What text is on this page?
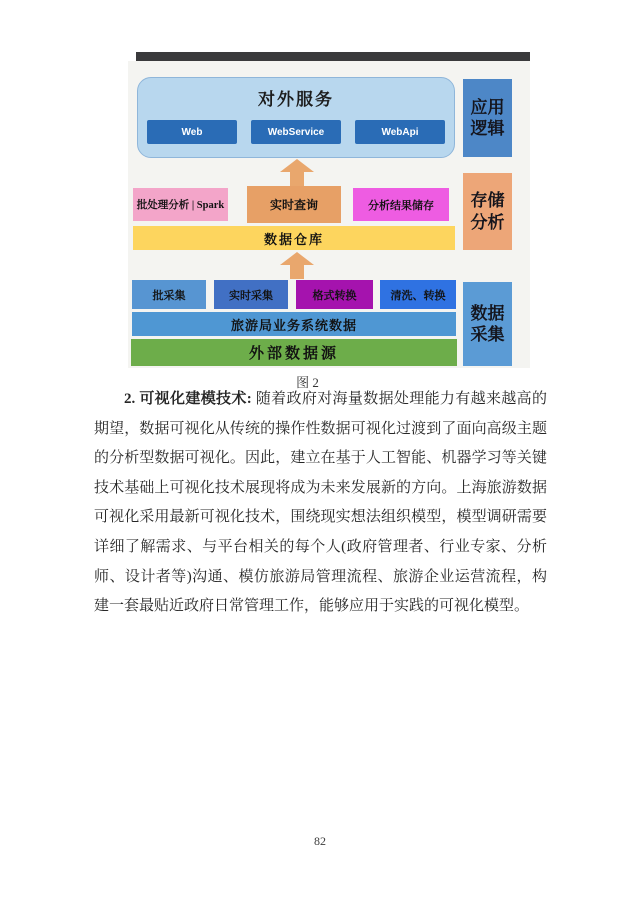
对外服务
Web	WebService	WebApi
应用逻辑
批处理分析 | Spark	实时查询	分析结果储存
数据仓库
存储分析
批采集	实时采集	格式转换	清洗、转换
旅游局业务系统数据
外部数据源
数据采集
图 2

2. 可视化建模技术: 随着政府对海量数据处理能力有越来越高的期望，数据可视化从传统的操作性数据可视化过渡到了面向高级主题的分析型数据可视化。因此，建立在基于人工智能、机器学习等关键技术基础上可视化技术展现将成为未来发展新的方向。上海旅游数据可视化采用最新可视化技术，围绕现实想法组织模型，模型调研需要详细了解需求、与平台相关的每个人(政府管理者、行业专家、分析师、设计者等)沟通、模仿旅游局管理流程、旅游企业运营流程，构建一套最贴近政府日常管理工作，能够应用于实践的可视化模型。

82
